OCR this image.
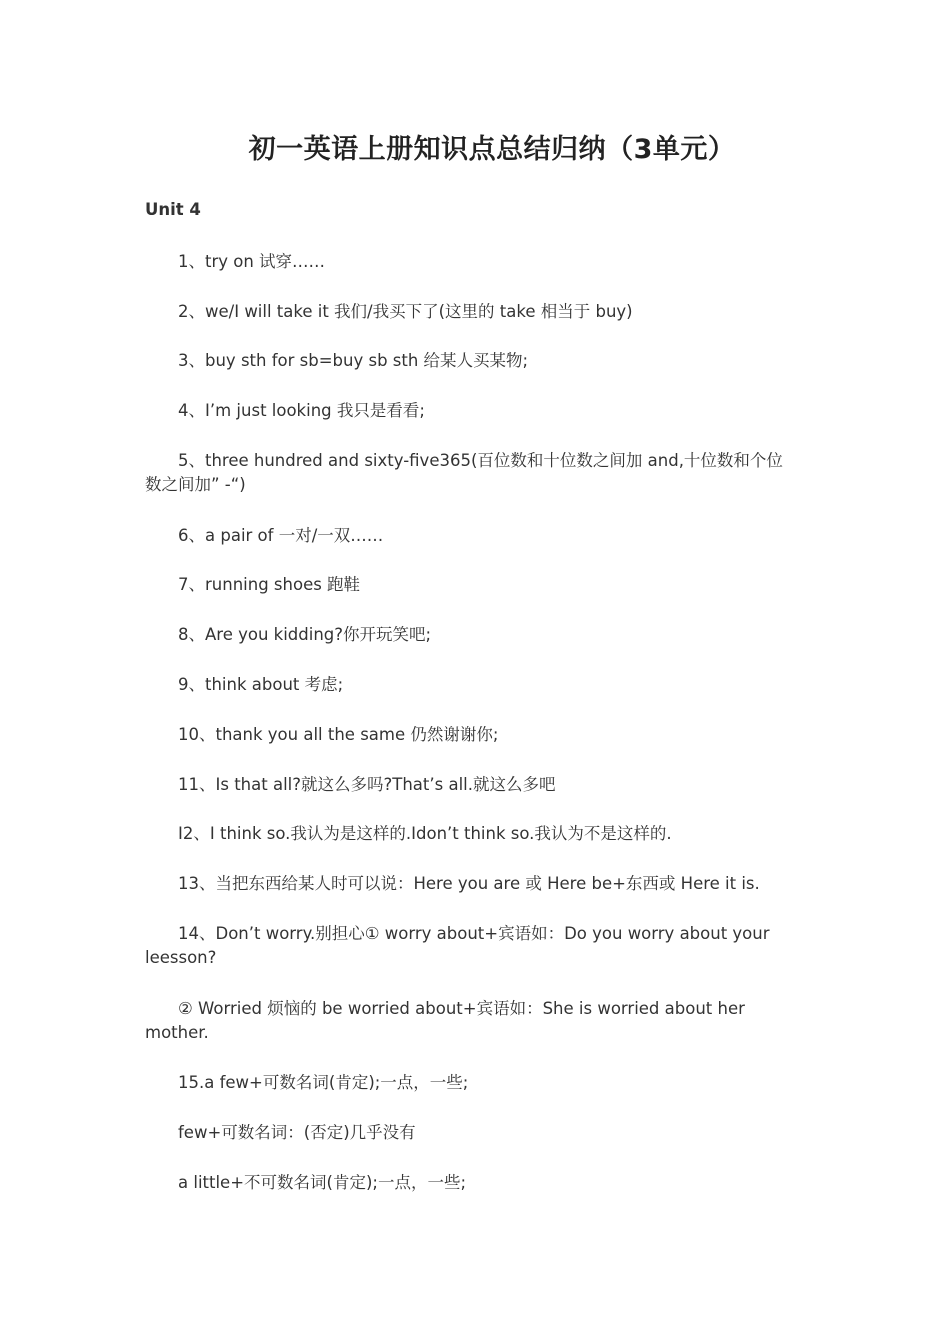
初一英语上册知识点总结归纳（3单元）
Unit 4

1、try on 试穿……

2、we/I will take it 我们/我买下了(这里的 take 相当于 buy)

3、buy sth for sb=buy sb sth 给某人买某物;

4、I’m just looking 我只是看看;

5、three hundred and sixty-five365(百位数和十位数之间加 and,十位数和个位数之间加” -“)

6、a pair of 一对/一双……

7、running shoes 跑鞋

8、Are you kidding?你开玩笑吧;

9、think about 考虑;

10、thank you all the same 仍然谢谢你;

11、Is that all?就这么多吗?That’s all.就这么多吧

I2、I think so.我认为是这样的.Idon’t think so.我认为不是这样的.

13、当把东西给某人时可以说：Here you are 或 Here be+东西或 Here it is.

14、Don’t worry.别担心① worry about+宾语如：Do you worry about your leesson?

② Worried 烦恼的 be worried about+宾语如：She is worried about her mother.

15.a few+可数名词(肯定);一点，一些;

few+可数名词：(否定)几乎没有

a little+不可数名词(肯定);一点，一些;
